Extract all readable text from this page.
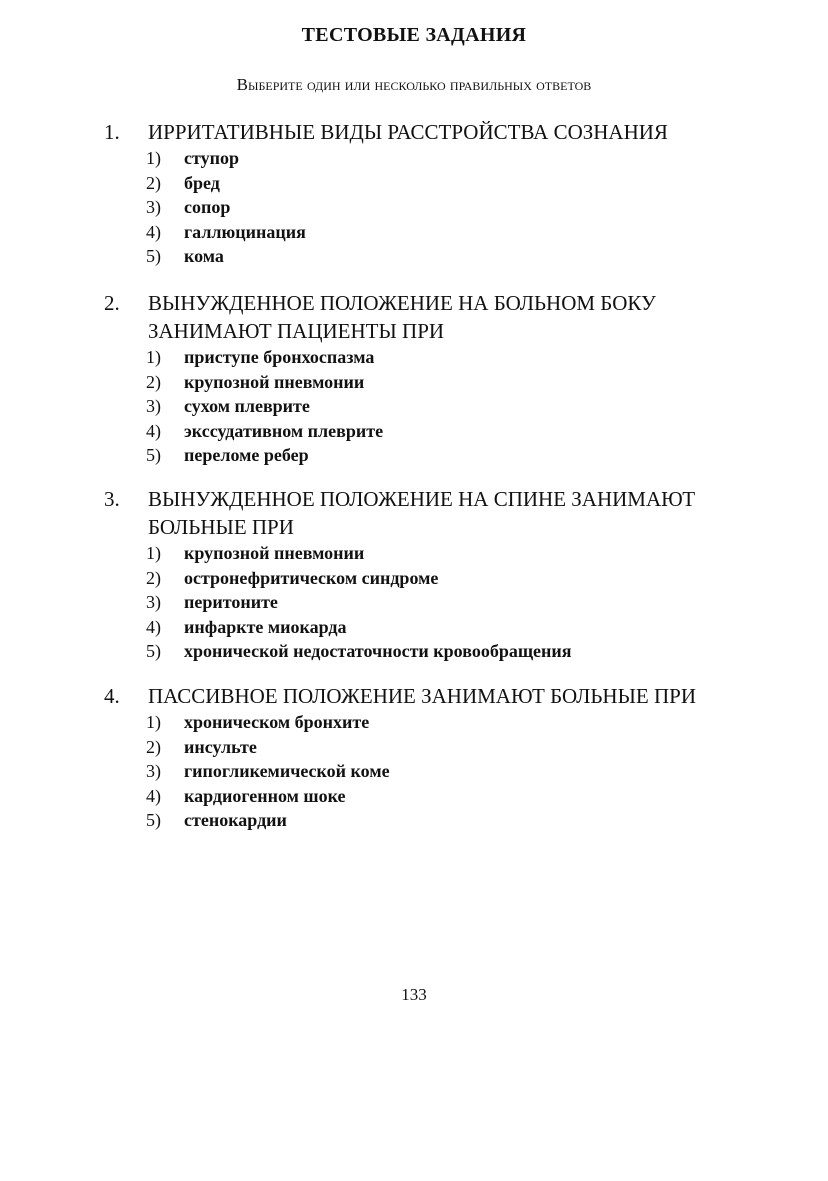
ТЕСТОВЫЕ ЗАДАНИЯ
Выберите один или несколько правильных ответов
1.	ИРРИТАТИВНЫЕ ВИДЫ РАССТРОЙСТВА СОЗНАНИЯ
1)	ступор
2)	бред
3)	сопор
4)	галлюцинация
5)	кома
2.	ВЫНУЖДЕННОЕ ПОЛОЖЕНИЕ НА БОЛЬНОМ БОКУ ЗАНИМАЮТ ПАЦИЕНТЫ ПРИ
1)	приступе бронхоспазма
2)	крупозной пневмонии
3)	сухом плеврите
4)	экссудативном плеврите
5)	переломе ребер
3.	ВЫНУЖДЕННОЕ ПОЛОЖЕНИЕ НА СПИНЕ ЗАНИМАЮТ БОЛЬНЫЕ ПРИ
1)	крупозной пневмонии
2)	остронефритическом синдроме
3)	перитоните
4)	инфаркте миокарда
5)	хронической недостаточности кровообращения
4.	ПАССИВНОЕ ПОЛОЖЕНИЕ ЗАНИМАЮТ БОЛЬНЫЕ ПРИ
1)	хроническом бронхите
2)	инсульте
3)	гипогликемической коме
4)	кардиогенном шоке
5)	стенокардии
133
